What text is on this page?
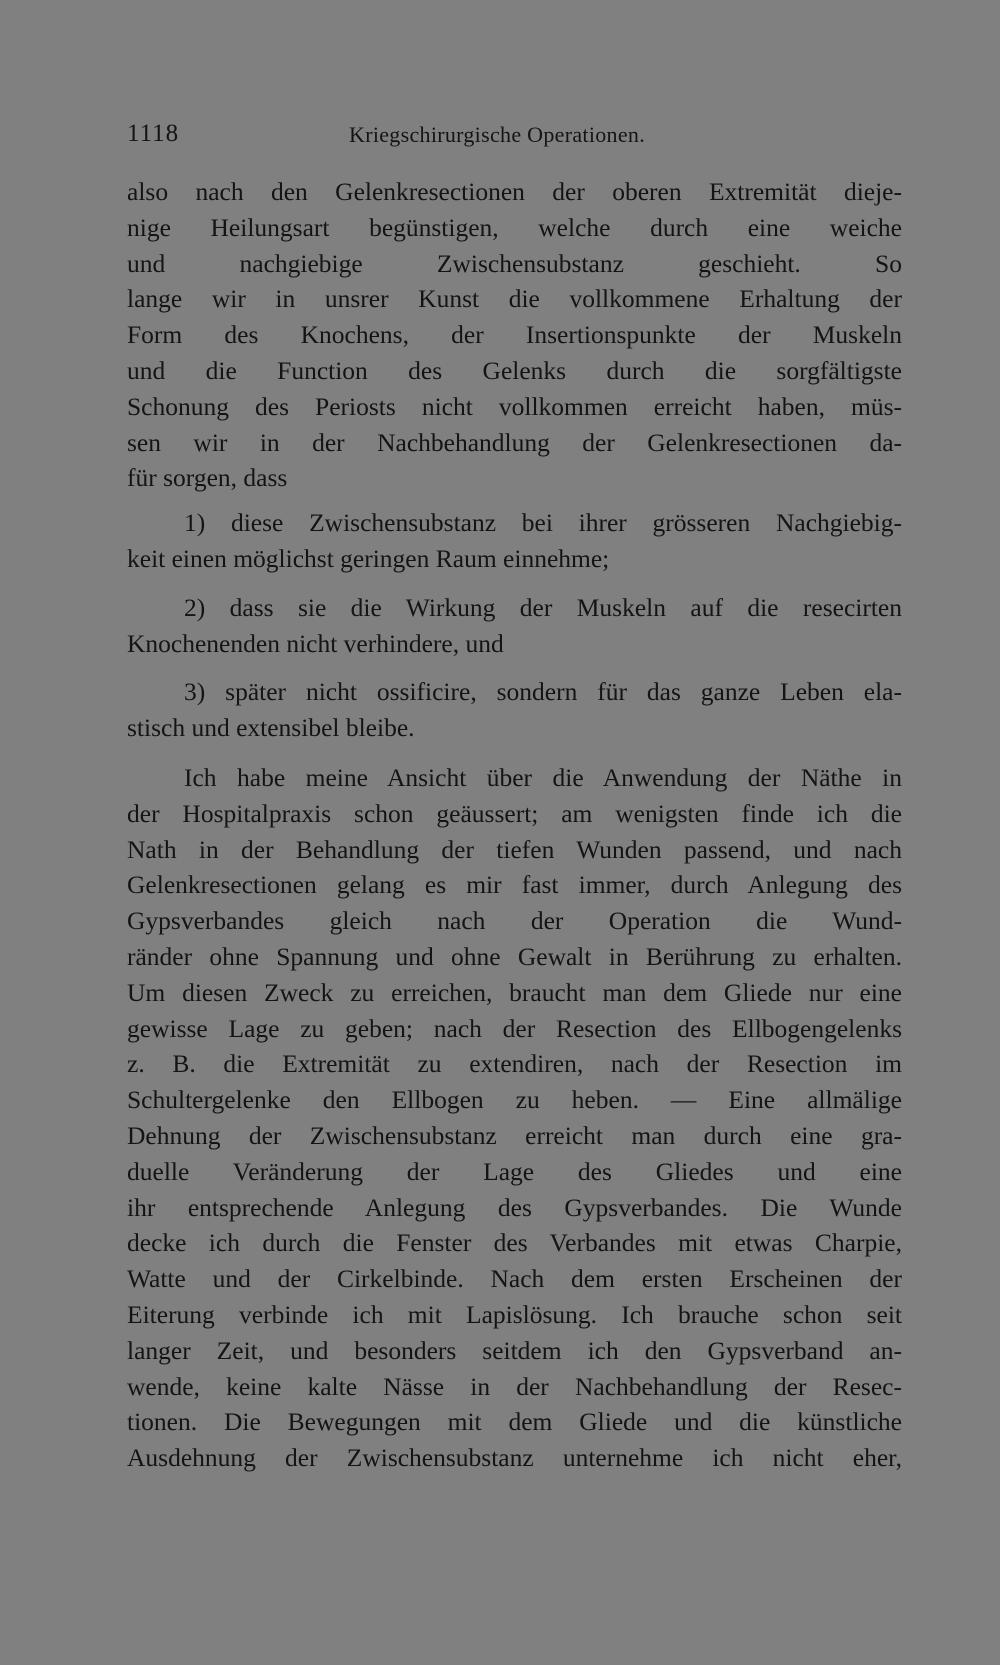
1118	Kriegschirurgische Operationen.
also nach den Gelenkresectionen der oberen Extremität dieje-
nige Heilungsart begünstigen, welche durch eine weiche
und nachgiebige Zwischensubstanz geschieht. So
lange wir in unsrer Kunst die vollkommene Erhaltung der
Form des Knochens, der Insertionspunkte der Muskeln
und die Function des Gelenks durch die sorgfältigste
Schonung des Periosts nicht vollkommen erreicht haben, müs-
sen wir in der Nachbehandlung der Gelenkresectionen da-
für sorgen, dass
1) diese Zwischensubstanz bei ihrer grösseren Nachgiebig-
keit einen möglichst geringen Raum einnehme;
2) dass sie die Wirkung der Muskeln auf die resecirten
Knochenenden nicht verhindere, und
3) später nicht ossificire, sondern für das ganze Leben ela-
stisch und extensibel bleibe.
Ich habe meine Ansicht über die Anwendung der Näthe in
der Hospitalpraxis schon geäussert; am wenigsten finde ich die
Nath in der Behandlung der tiefen Wunden passend, und nach
Gelenkresectionen gelang es mir fast immer, durch Anlegung des
Gypsverbandes gleich nach der Operation die Wund-
ränder ohne Spannung und ohne Gewalt in Berührung zu erhalten.
Um diesen Zweck zu erreichen, braucht man dem Gliede nur eine
gewisse Lage zu geben; nach der Resection des Ellbogengelenks
z. B. die Extremität zu extendiren, nach der Resection im
Schultergelenke den Ellbogen zu heben. — Eine allmälige
Dehnung der Zwischensubstanz erreicht man durch eine gra-
duelle Veränderung der Lage des Gliedes und eine
ihr entsprechende Anlegung des Gypsverbandes. Die Wunde
decke ich durch die Fenster des Verbandes mit etwas Charpie,
Watte und der Cirkelbinde. Nach dem ersten Erscheinen der
Eiterung verbinde ich mit Lapislösung. Ich brauche schon seit
langer Zeit, und besonders seitdem ich den Gypsverband an-
wende, keine kalte Nässe in der Nachbehandlung der Resec-
tionen. Die Bewegungen mit dem Gliede und die künstliche
Ausdehnung der Zwischensubstanz unternehme ich nicht eher,
